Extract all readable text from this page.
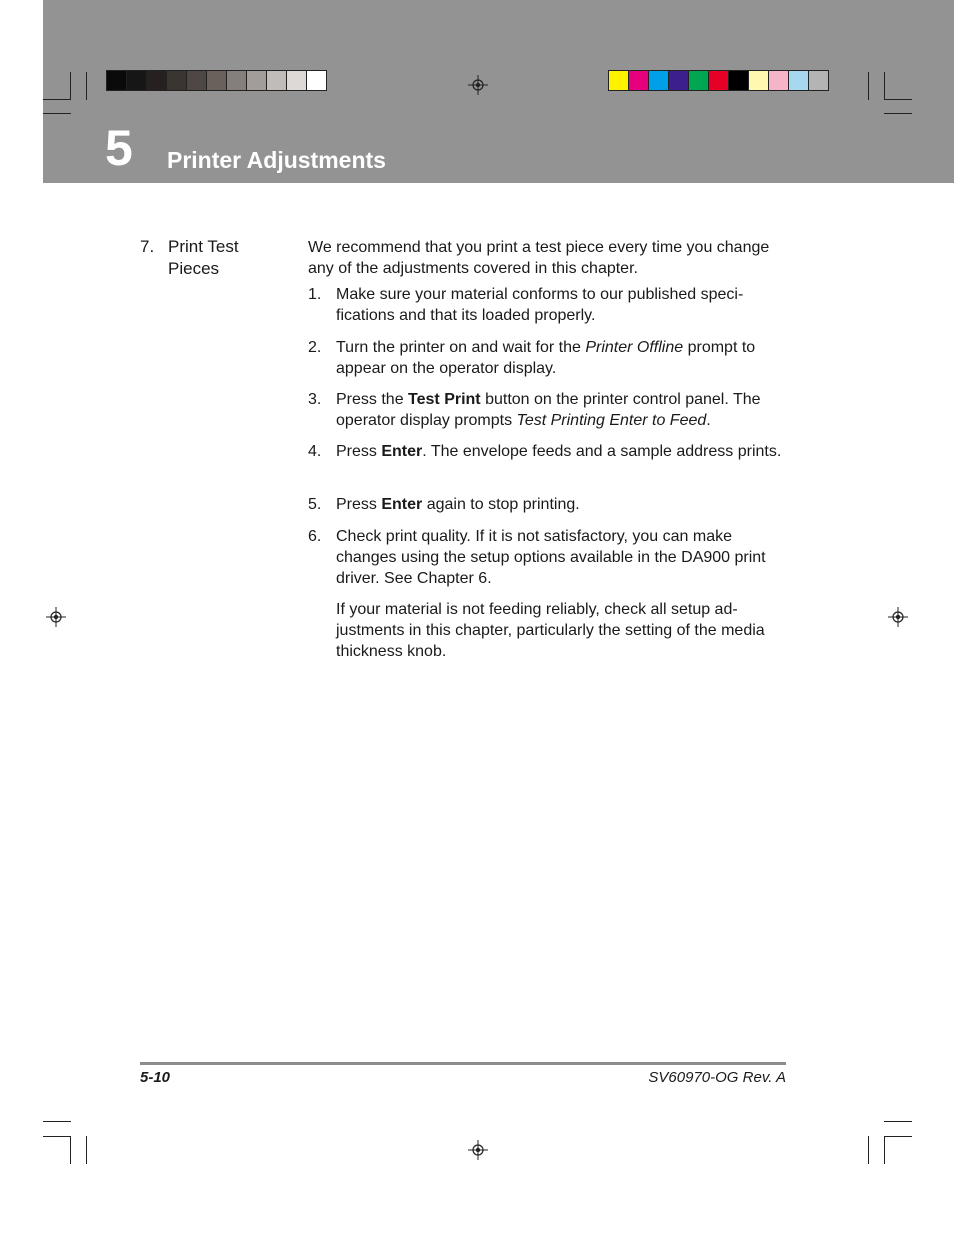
5 Printer Adjustments
7. Print Test Pieces
We recommend that you print a test piece every time you change any of the adjustments covered in this chapter.
1. Make sure your material conforms to our published speci-fications and that its loaded properly.
2. Turn the printer on and wait for the Printer Offline prompt to appear on the operator display.
3. Press the Test Print button on the printer control panel. The operator display prompts Test Printing Enter to Feed.
4. Press Enter. The envelope feeds and a sample address prints.
5. Press Enter again to stop printing.
6. Check print quality. If it is not satisfactory, you can make changes using the setup options available in the DA900 print driver. See Chapter 6.
If your material is not feeding reliably, check all setup ad-justments in this chapter, particularly the setting of the media thickness knob.
5-10	SV60970-OG Rev. A
